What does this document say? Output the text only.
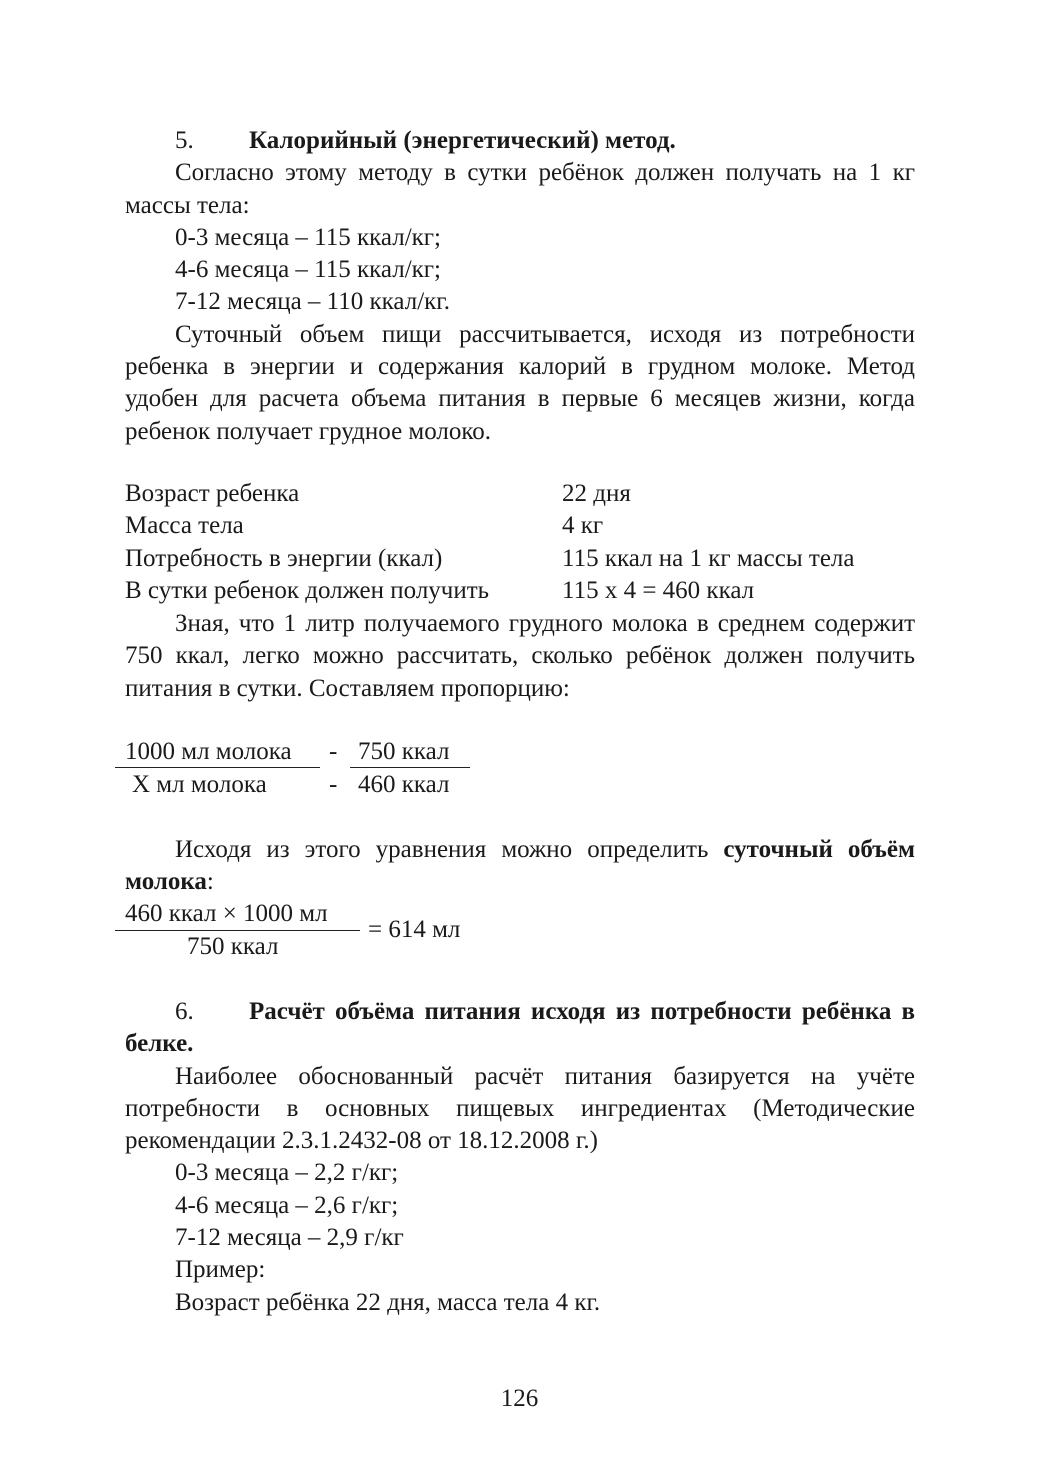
5.	Калорийный (энергетический) метод.

Согласно этому методу в сутки ребёнок должен получать на 1 кг массы тела:

0-3 месяца – 115 ккал/кг;

4-6 месяца – 115 ккал/кг;

7-12 месяца – 110 ккал/кг.

Суточный объем пищи рассчитывается, исходя из потребности ребенка в энергии и содержания калорий в грудном молоке. Метод удобен для расчета объема питания в первые 6 месяцев жизни, когда ребенок получает грудное молоко.

Возраст ребенка	22 дня
Масса тела	4 кг
Потребность в энергии (ккал)	115 ккал на 1 кг массы тела
В сутки ребенок должен получить	115 х 4 = 460 ккал

Зная, что 1 литр получаемого грудного молока в среднем содержит 750 ккал, легко можно рассчитать, сколько ребёнок должен получить питания в сутки. Составляем пропорцию:

1000 мл молока - 750 ккал
Х мл молока - 460 ккал

Исходя из этого уравнения можно определить суточный объём молока:

460 ккал × 1000 мл
750 ккал
= 614 мл

6. Расчёт объёма питания исходя из потребности ребёнка в белке.

Наиболее обоснованный расчёт питания базируется на учёте потребности в основных пищевых ингредиентах (Методические рекомендации 2.3.1.2432-08 от 18.12.2008 г.)

0-3 месяца – 2,2 г/кг;

4-6 месяца – 2,6 г/кг;

7-12 месяца – 2,9 г/кг

Пример:

Возраст ребёнка 22 дня, масса тела 4 кг.

126
